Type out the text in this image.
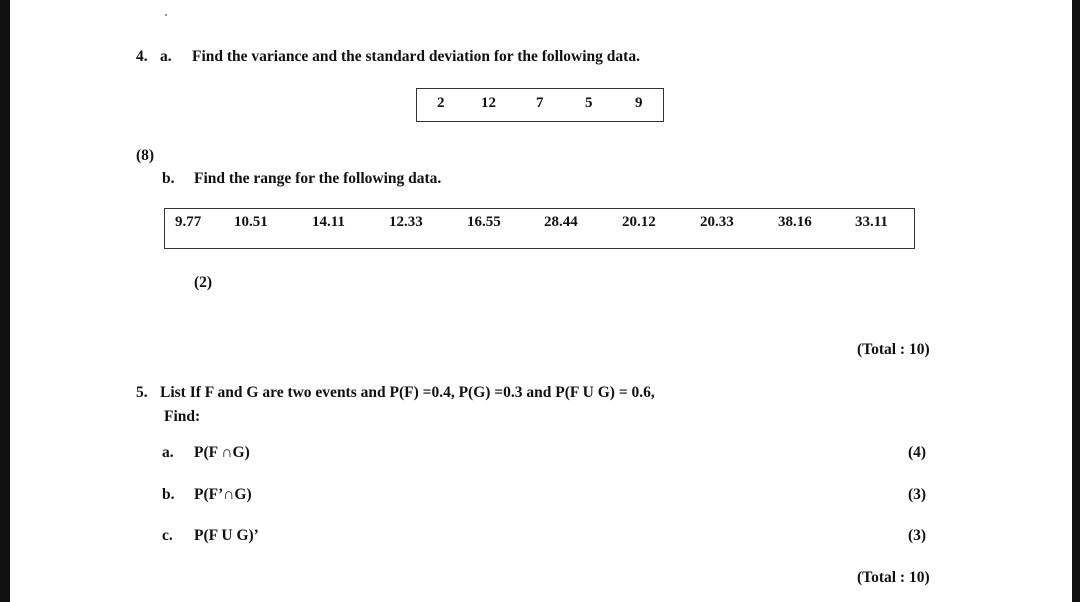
4. a. Find the variance and the standard deviation for the following data.
2 12	7	5	9
(8)
b. Find the range for the following data.
9.77 10.51	14.11	12.33	16.55	28.44	20.12	20.33	38.16	33.11
(2)
(Total : 10)
5. List If F and G are two events and P(F) =0.4, P(G) =0.3 and P(F U G) = 0.6,
Find:
a. P(F ∩G)	(4)
b. P(F’∩G)	(3)
c. P(F U G)’	(3)
(Total : 10)
